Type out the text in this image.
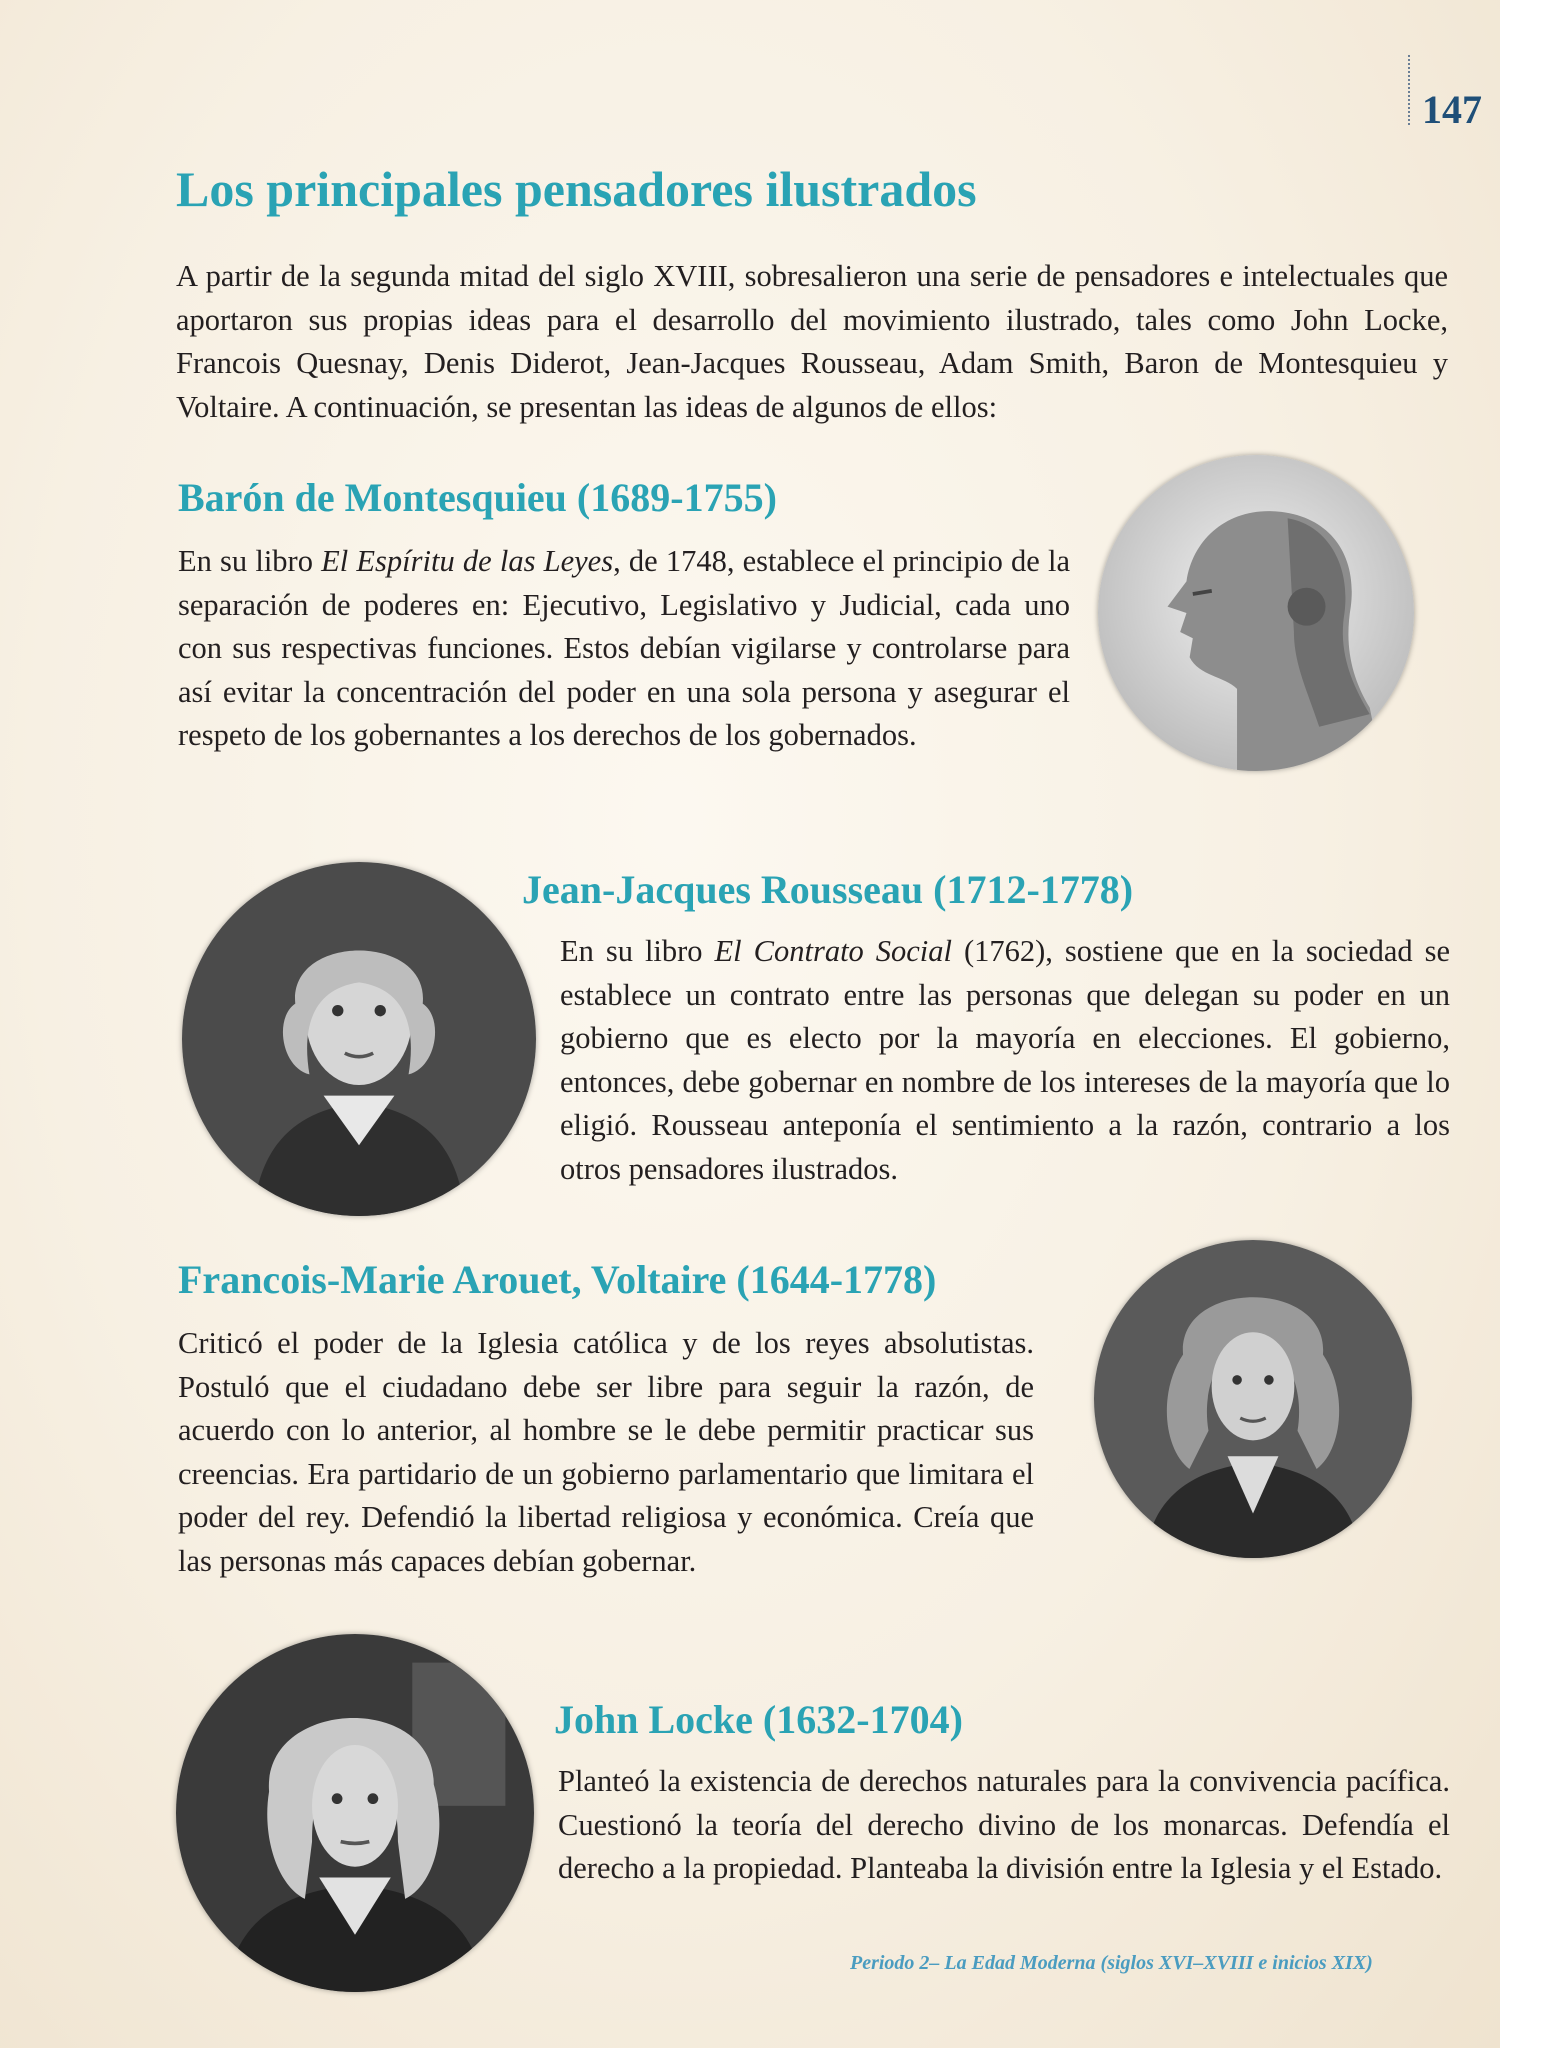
147
Los principales pensadores ilustrados

A partir de la segunda mitad del siglo XVIII, sobresalieron una serie de pensadores e intelectuales que aportaron sus propias ideas para el desarrollo del movimiento ilustrado, tales como John Locke, Francois Quesnay, Denis Diderot, Jean-Jacques Rousseau, Adam Smith, Baron de Montesquieu y Voltaire. A continuación, se presentan las ideas de algunos de ellos:

Barón de Montesquieu (1689-1755)

En su libro El Espíritu de las Leyes, de 1748, establece el principio de la separación de poderes en: Ejecutivo, Legislativo y Judicial, cada uno con sus respectivas funciones. Estos debían vigilarse y controlarse para así evitar la concentración del poder en una sola persona y asegurar el respeto de los gobernantes a los derechos de los gobernados.

Jean-Jacques Rousseau (1712-1778)

En su libro El Contrato Social (1762), sostiene que en la sociedad se establece un contrato entre las personas que delegan su poder en un gobierno que es electo por la mayoría en elecciones. El gobierno, entonces, debe gobernar en nombre de los intereses de la mayoría que lo eligió. Rousseau anteponía el sentimiento a la razón, contrario a los otros pensadores ilustrados.

Francois-Marie Arouet, Voltaire (1644-1778)

Criticó el poder de la Iglesia católica y de los reyes absolutistas. Postuló que el ciudadano debe ser libre para seguir la razón, de acuerdo con lo anterior, al hombre se le debe permitir practicar sus creencias. Era partidario de un gobierno parlamentario que limitara el poder del rey. Defendió la libertad religiosa y económica. Creía que las personas más capaces debían gobernar.

John Locke (1632-1704)

Planteó la existencia de derechos naturales para la convivencia pacífica. Cuestionó la teoría del derecho divino de los monarcas. Defendía el derecho a la propiedad. Planteaba la división entre la Iglesia y el Estado.

Periodo 2– La Edad Moderna (siglos XVI–XVIII e inicios XIX)
